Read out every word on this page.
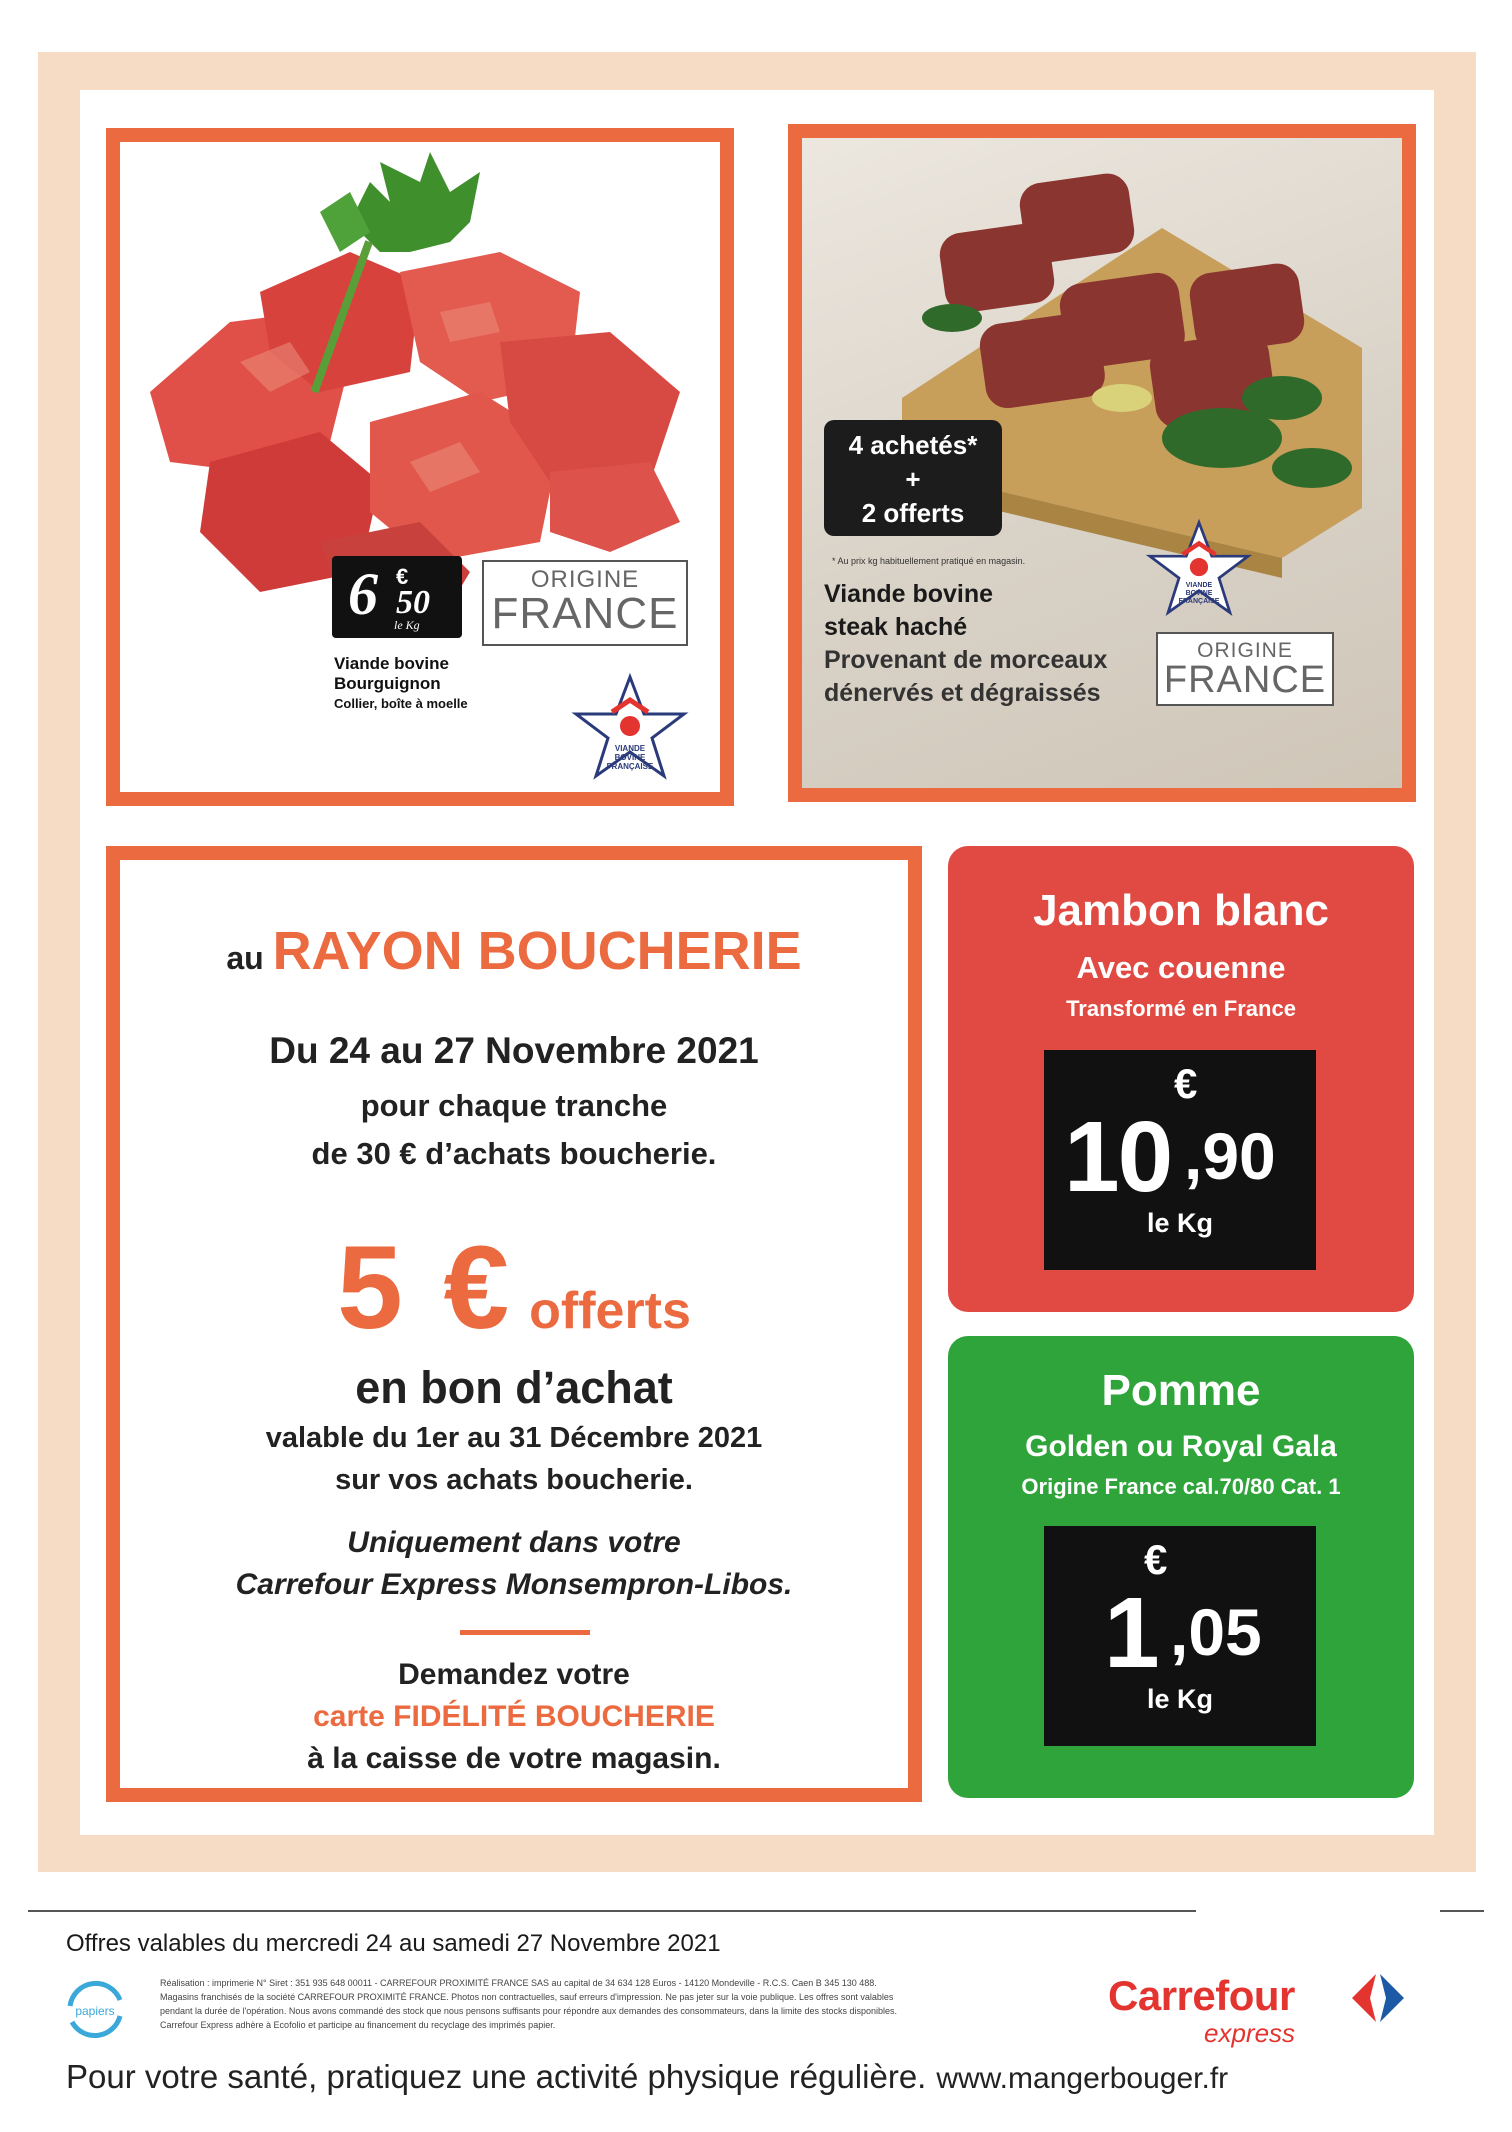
6 €
50
le Kg
ORIGINE
FRANCE
Viande bovine
Bourguignon
Collier, boîte à moelle
VIANDE
BOVINE
FRANÇAISE
4 achetés*
+
2 offerts
* Au prix kg habituellement pratiqué en magasin.
Viande bovine
steak haché
Provenant de morceaux
dénervés et dégraissés
ORIGINE
FRANCE
VIANDE
BOVINE
FRANÇAISE
au RAYON BOUCHERIE
Du 24 au 27 Novembre 2021
pour chaque tranche
de 30 € d’achats boucherie.
5 € offerts
en bon d’achat
valable du 1er au 31 Décembre 2021
sur vos achats boucherie.
Uniquement dans votre
Carrefour Express Monsempron-Libos.
Demandez votre
carte FIDÉLITÉ BOUCHERIE
à la caisse de votre magasin.
Jambon blanc
Avec couenne
Transformé en France
€
10 ,90
le Kg
Pomme
Golden ou Royal Gala
Origine France cal.70/80 Cat. 1
€
1 ,05
le Kg
Offres valables du mercredi 24 au samedi 27 Novembre 2021
papiers
Réalisation : imprimerie N° Siret : 351 935 648 00011 - CARREFOUR PROXIMITÉ FRANCE SAS au capital de 34 634 128 Euros - 14120 Mondeville - R.C.S. Caen B 345 130 488.
Magasins franchisés de la société CARREFOUR PROXIMITÉ FRANCE. Photos non contractuelles, sauf erreurs d'impression. Ne pas jeter sur la voie publique. Les offres sont valables
pendant la durée de l'opération. Nous avons commandé des stock que nous pensons suffisants pour répondre aux demandes des consommateurs, dans la limite des stocks disponibles.
Carrefour Express adhère à Ecofolio et participe au financement du recyclage des imprimés papier.
Carrefour
express
Pour votre santé, pratiquez une activité physique régulière. www.mangerbouger.fr
